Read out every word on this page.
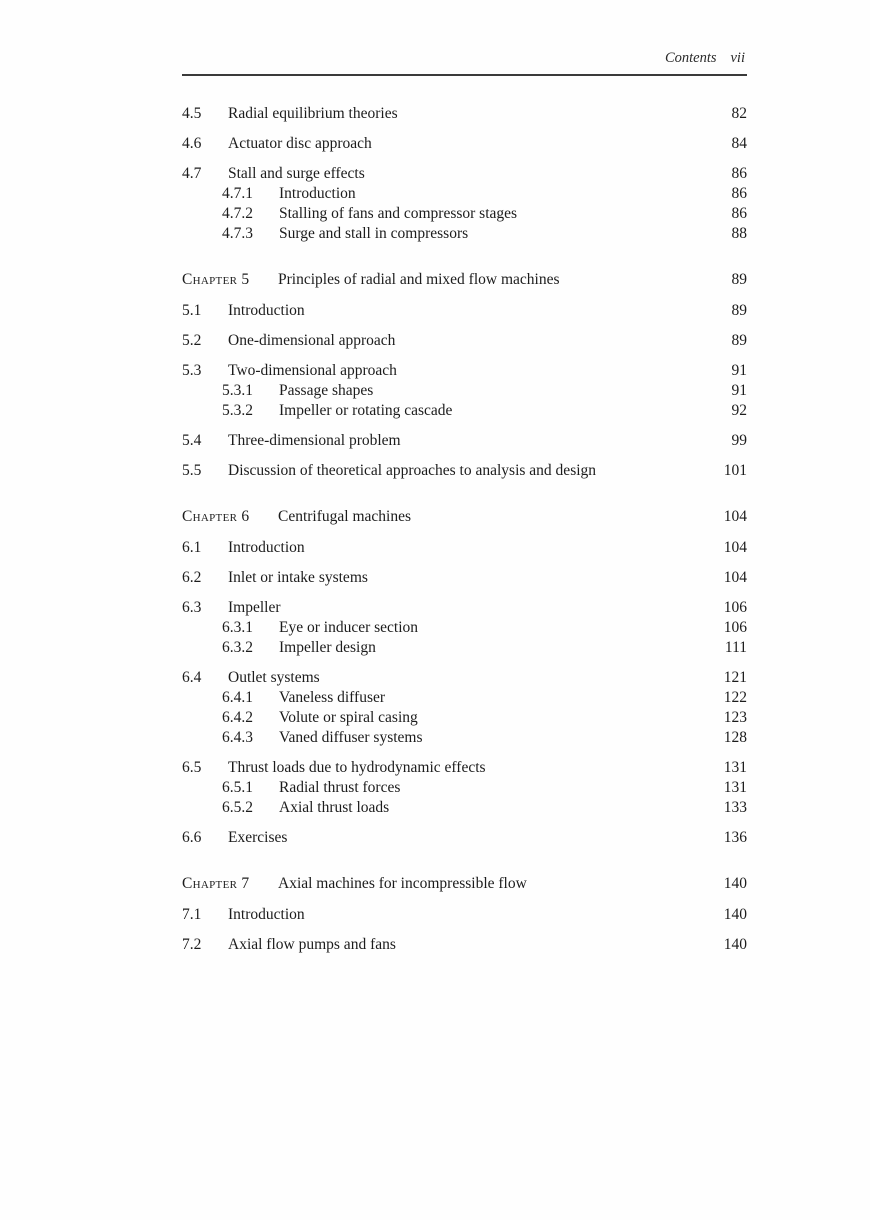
Contents vii
4.5	Radial equilibrium theories	82
4.6	Actuator disc approach	84
4.7	Stall and surge effects	86
4.7.1	Introduction	86
4.7.2	Stalling of fans and compressor stages	86
4.7.3	Surge and stall in compressors	88
Chapter 5	Principles of radial and mixed flow machines	89
5.1	Introduction	89
5.2	One-dimensional approach	89
5.3	Two-dimensional approach	91
5.3.1	Passage shapes	91
5.3.2	Impeller or rotating cascade	92
5.4	Three-dimensional problem	99
5.5	Discussion of theoretical approaches to analysis and design	101
Chapter 6	Centrifugal machines	104
6.1	Introduction	104
6.2	Inlet or intake systems	104
6.3	Impeller	106
6.3.1	Eye or inducer section	106
6.3.2	Impeller design	111
6.4	Outlet systems	121
6.4.1	Vaneless diffuser	122
6.4.2	Volute or spiral casing	123
6.4.3	Vaned diffuser systems	128
6.5	Thrust loads due to hydrodynamic effects	131
6.5.1	Radial thrust forces	131
6.5.2	Axial thrust loads	133
6.6	Exercises	136
Chapter 7	Axial machines for incompressible flow	140
7.1	Introduction	140
7.2	Axial flow pumps and fans	140
